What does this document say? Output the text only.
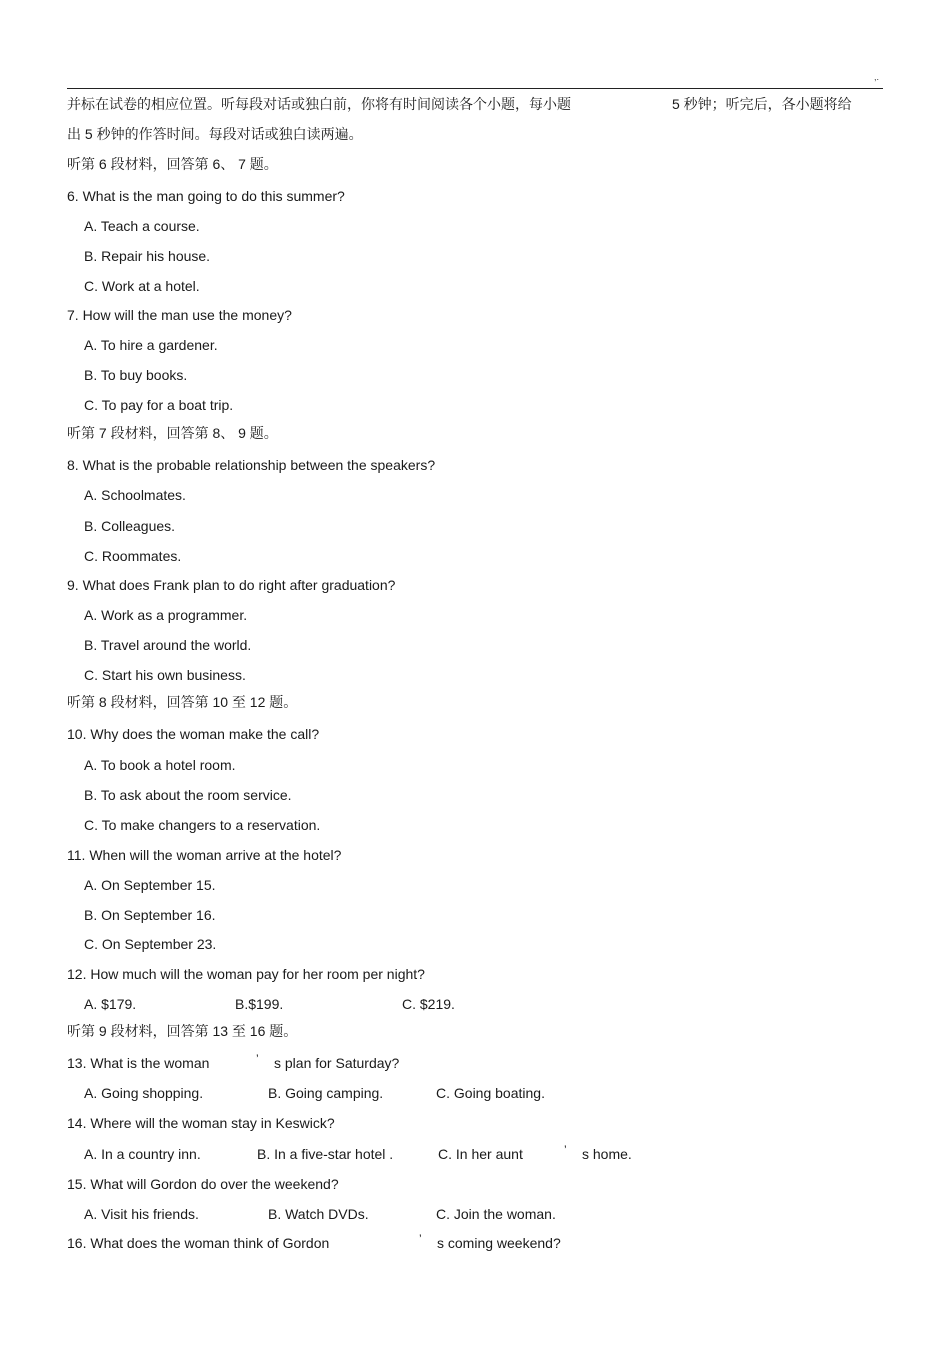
,.
并标在试卷的相应位置。听每段对话或独白前，你将有时间阅读各个小题，每小题	5 秒钟；听完后，各小题将给
出 5 秒钟的作答时间。每段对话或独白读两遍。
听第 6 段材料，回答第 6、 7 题。
6. What is the man going to do this summer?
A. Teach a course.
B. Repair his house.
C. Work at a hotel.
7. How will the man use the money?
A. To hire a gardener.
B. To buy books.
C. To pay for a boat trip.
听第 7 段材料，回答第 8、 9 题。
8. What is the probable relationship between the speakers?
A. Schoolmates.
B. Colleagues.
C. Roommates.
9. What does Frank plan to do right after graduation?
A. Work as a programmer.
B. Travel around the world.
C. Start his own business.
听第 8 段材料，回答第 10 至 12 题。
10. Why does the woman make the call?
A. To book a hotel room.
B. To ask about the room service.
C. To make changers to a reservation.
11. When will the woman arrive at the hotel?
A. On September 15.
B. On September 16.
C. On September 23.
12. How much will the woman pay for her room per night?
A. $179.	B.$199.	C. $219.
听第 9 段材料，回答第 13 至 16 题。
13. What is the woman	’ s plan for Saturday?
A. Going shopping.	B. Going camping.	C. Going boating.
14. Where will the woman stay in Keswick?
A. In a country inn.	B. In a five-star hotel .	C. In her aunt	’ s home.
15. What will Gordon do over the weekend?
A. Visit his friends.	B. Watch DVDs.	C. Join the woman.
16. What does the woman think of Gordon	’ s coming weekend?
